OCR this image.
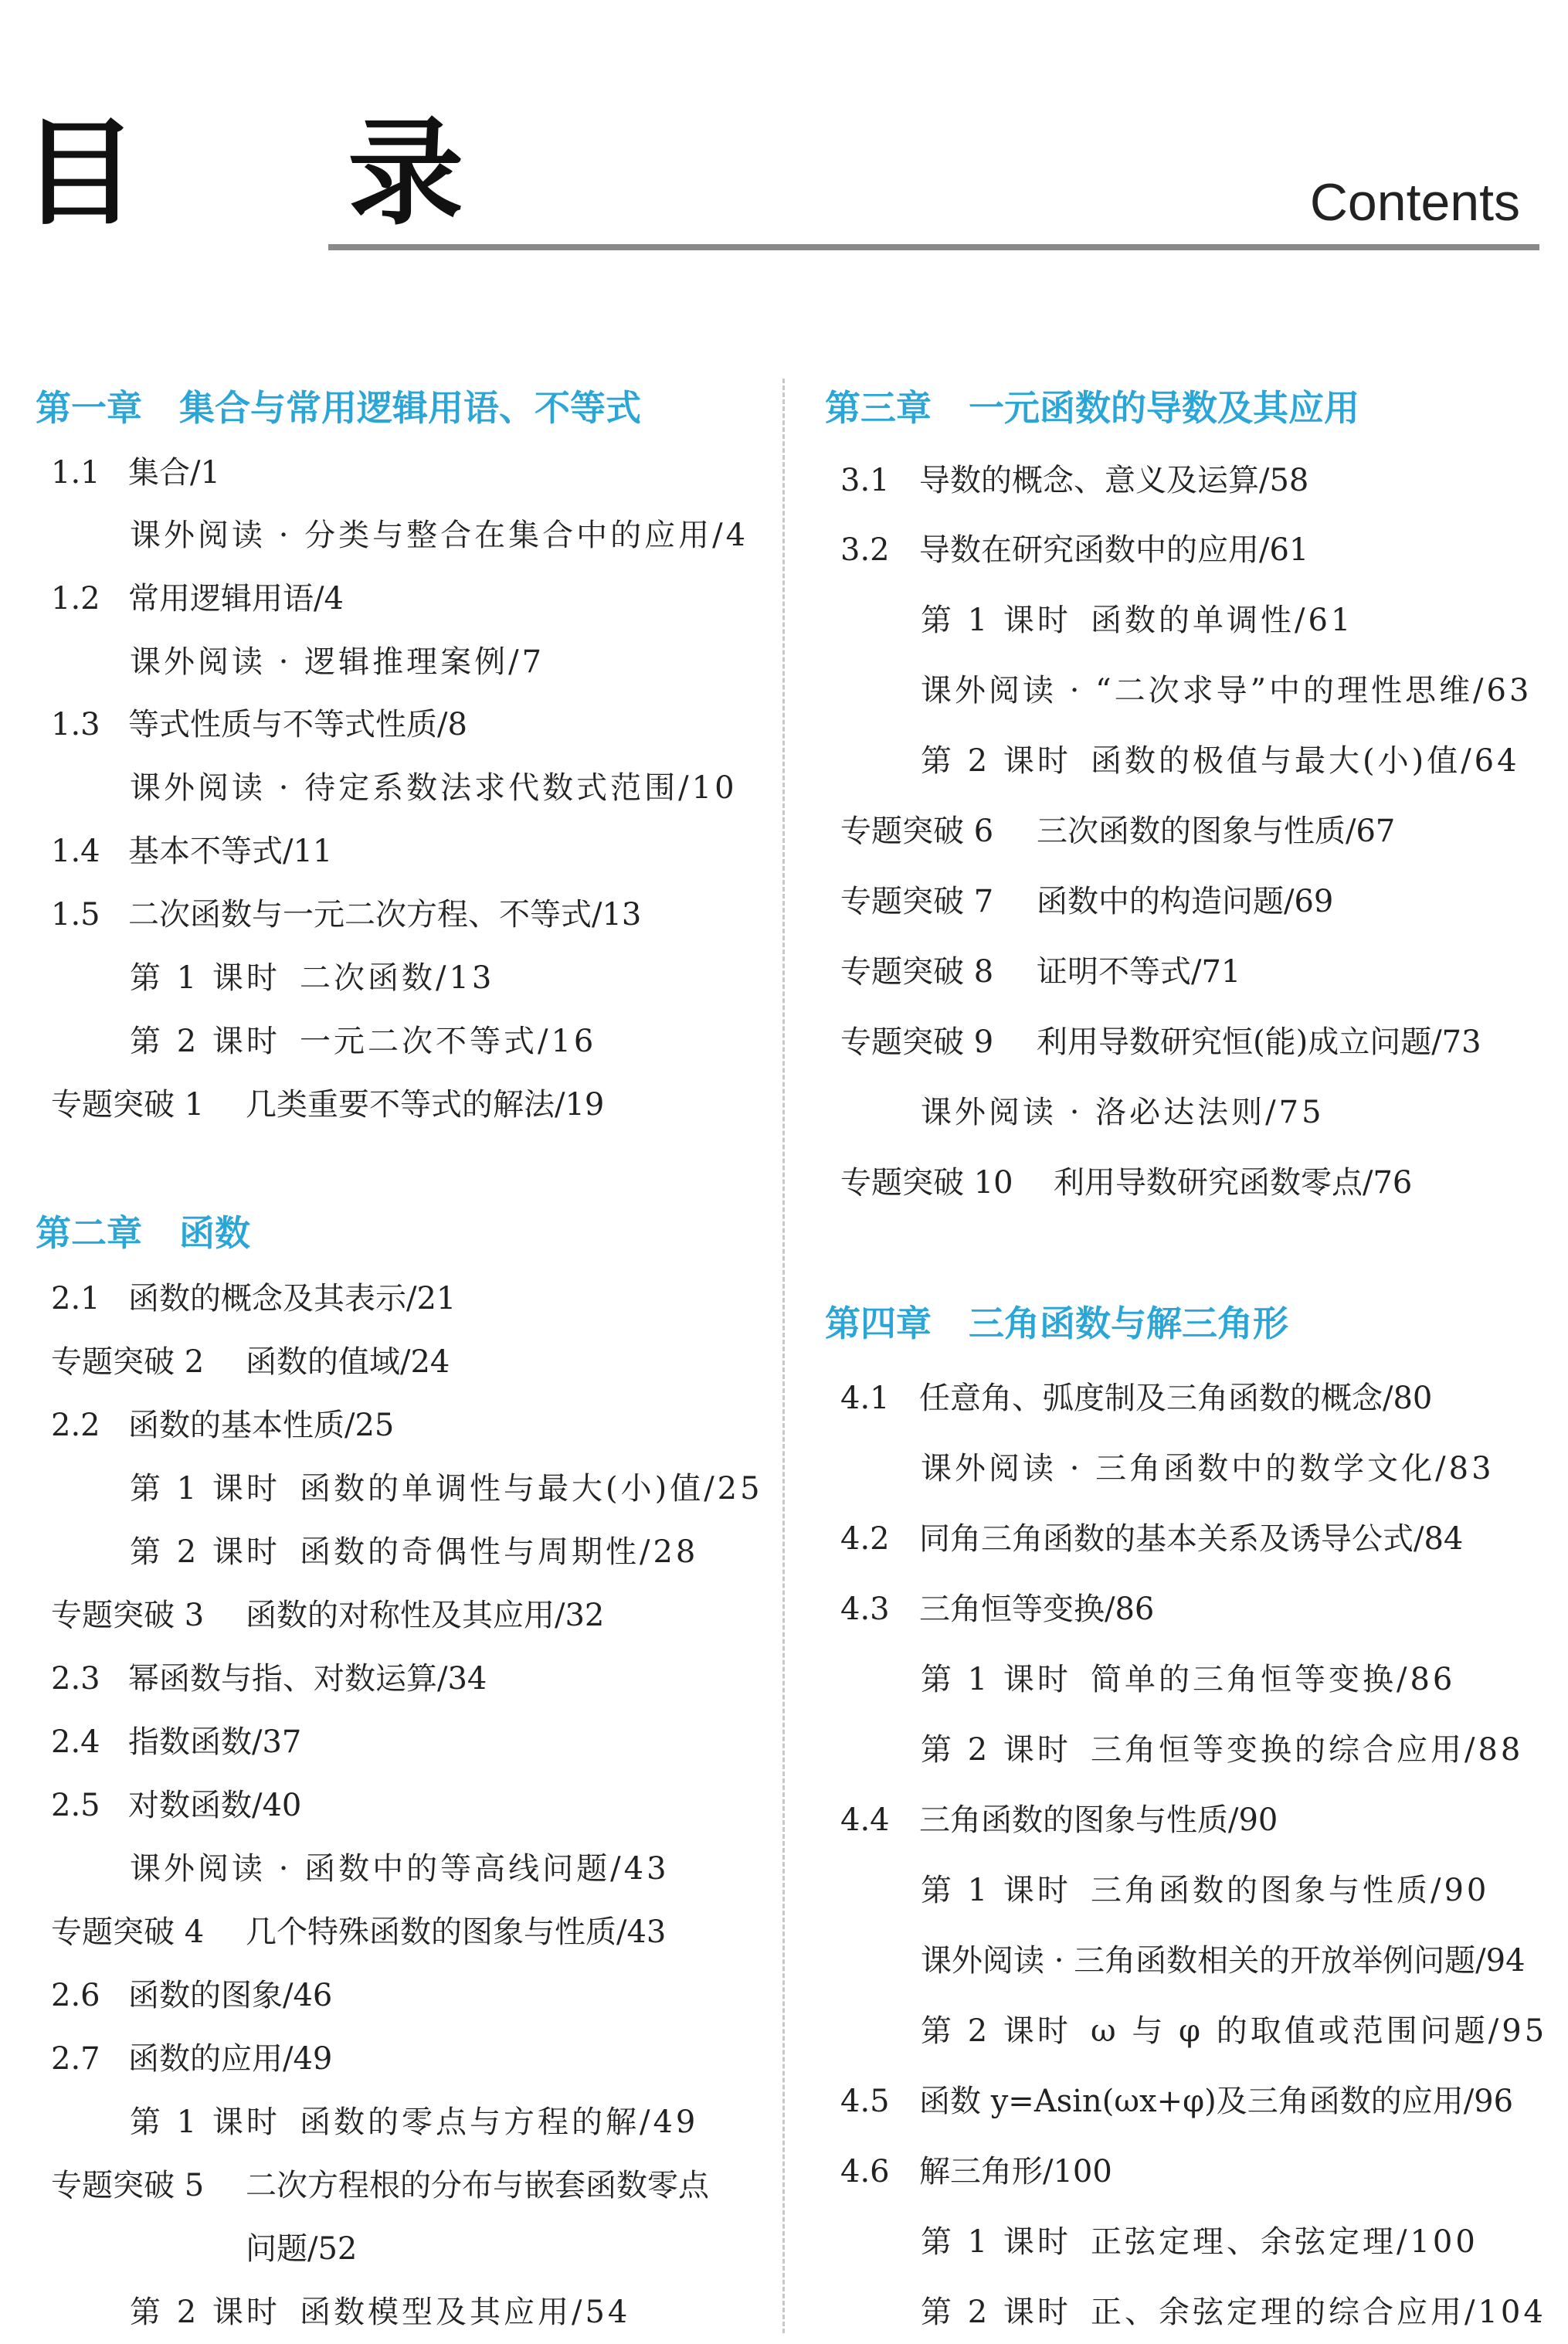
目 录	Contents
第一章 集合与常用逻辑用语、不等式
1.1 集合/1
课外阅读 · 分类与整合在集合中的应用/4
1.2 常用逻辑用语/4
课外阅读 · 逻辑推理案例/7
1.3 等式性质与不等式性质/8
课外阅读 · 待定系数法求代数式范围/10
1.4 基本不等式/11
1.5 二次函数与一元二次方程、不等式/13
第 1 课时 二次函数/13
第 2 课时 一元二次不等式/16
专题突破 1 几类重要不等式的解法/19
第二章 函数
2.1 函数的概念及其表示/21
专题突破 2 函数的值域/24
2.2 函数的基本性质/25
第 1 课时 函数的单调性与最大(小)值/25
第 2 课时 函数的奇偶性与周期性/28
专题突破 3 函数的对称性及其应用/32
2.3 幂函数与指、对数运算/34
2.4 指数函数/37
2.5 对数函数/40
课外阅读 · 函数中的等高线问题/43
专题突破 4 几个特殊函数的图象与性质/43
2.6 函数的图象/46
2.7 函数的应用/49
第 1 课时 函数的零点与方程的解/49
专题突破 5 二次方程根的分布与嵌套函数零点
问题/52
第 2 课时 函数模型及其应用/54
第三章 一元函数的导数及其应用
3.1 导数的概念、意义及运算/58
3.2 导数在研究函数中的应用/61
第 1 课时 函数的单调性/61
课外阅读 · “二次求导”中的理性思维/63
第 2 课时 函数的极值与最大(小)值/64
专题突破 6 三次函数的图象与性质/67
专题突破 7 函数中的构造问题/69
专题突破 8 证明不等式/71
专题突破 9 利用导数研究恒(能)成立问题/73
课外阅读 · 洛必达法则/75
专题突破 10 利用导数研究函数零点/76
第四章 三角函数与解三角形
4.1 任意角、弧度制及三角函数的概念/80
课外阅读 · 三角函数中的数学文化/83
4.2 同角三角函数的基本关系及诱导公式/84
4.3 三角恒等变换/86
第 1 课时 简单的三角恒等变换/86
第 2 课时 三角恒等变换的综合应用/88
4.4 三角函数的图象与性质/90
第 1 课时 三角函数的图象与性质/90
课外阅读 · 三角函数相关的开放举例问题/94
第 2 课时 ω 与 φ 的取值或范围问题/95
4.5 函数 y=Asin(ωx+φ)及三角函数的应用/96
4.6 解三角形/100
第 1 课时 正弦定理、余弦定理/100
第 2 课时 正、余弦定理的综合应用/104
